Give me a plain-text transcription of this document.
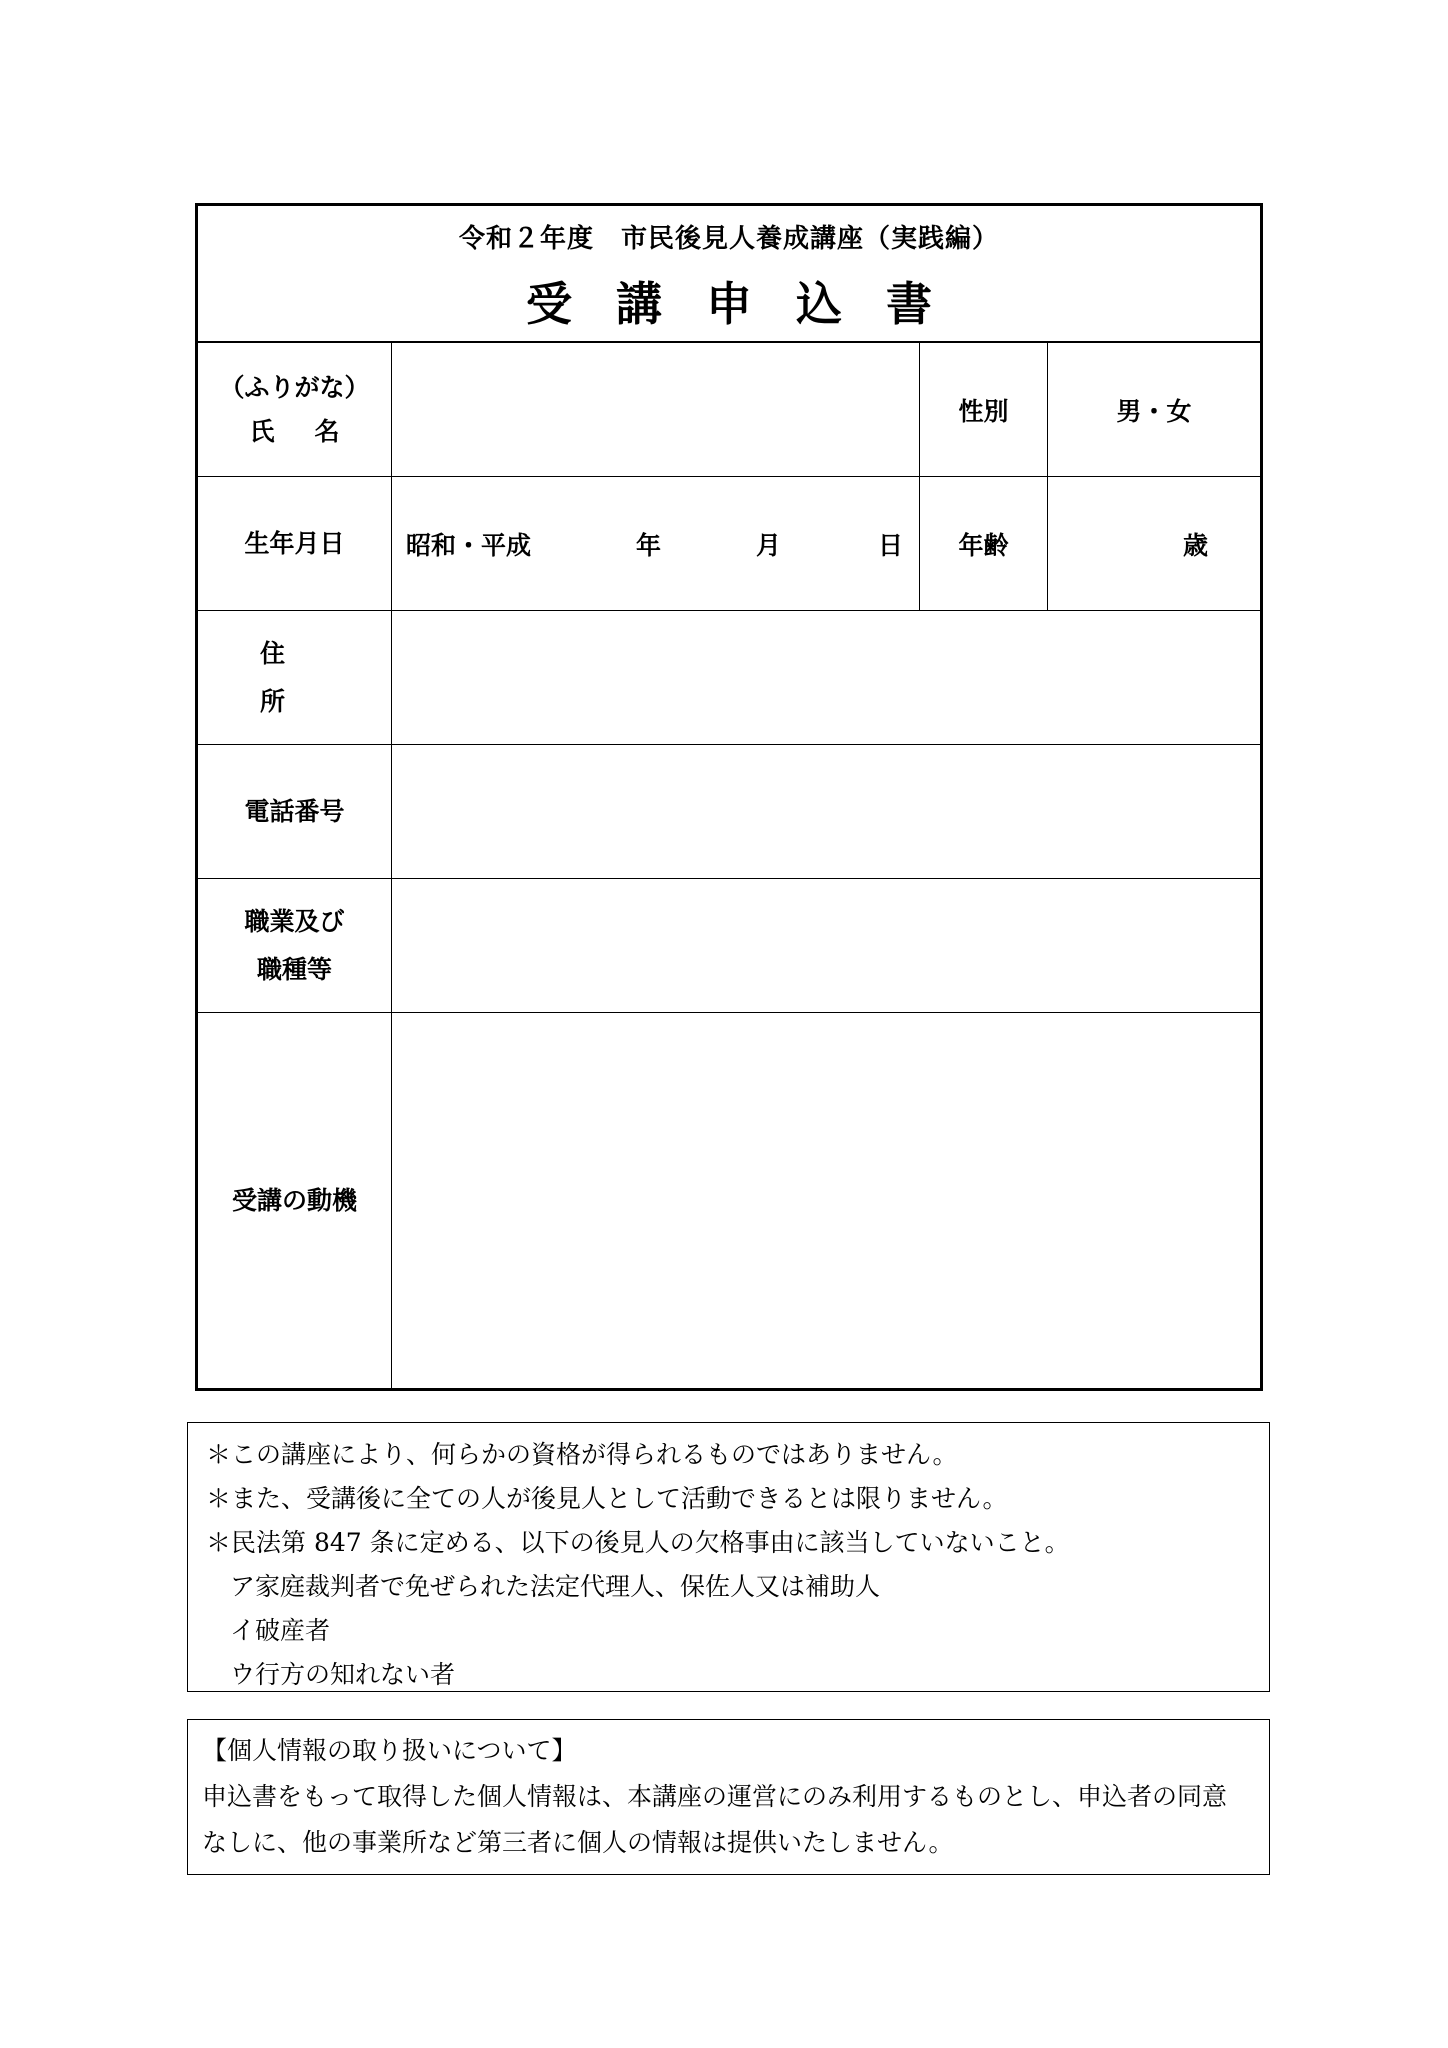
令和２年度　市民後見人養成講座（実践編）
受講申込書
（ふりがな）
氏名
性別	男・女
生年月日 昭和・平成	年	月	日 年齢	歳
住所
電話番号
職業及び
職種等
受講の動機
＊この講座により、何らかの資格が得られるものではありません。
＊また、受講後に全ての人が後見人として活動できるとは限りません。
＊民法第 847 条に定める、以下の後見人の欠格事由に該当していないこと。
ア家庭裁判者で免ぜられた法定代理人、保佐人又は補助人
イ破産者
ウ行方の知れない者
【個人情報の取り扱いについて】
申込書をもって取得した個人情報は、本講座の運営にのみ利用するものとし、申込者の同意なしに、他の事業所など第三者に個人の情報は提供いたしません。
